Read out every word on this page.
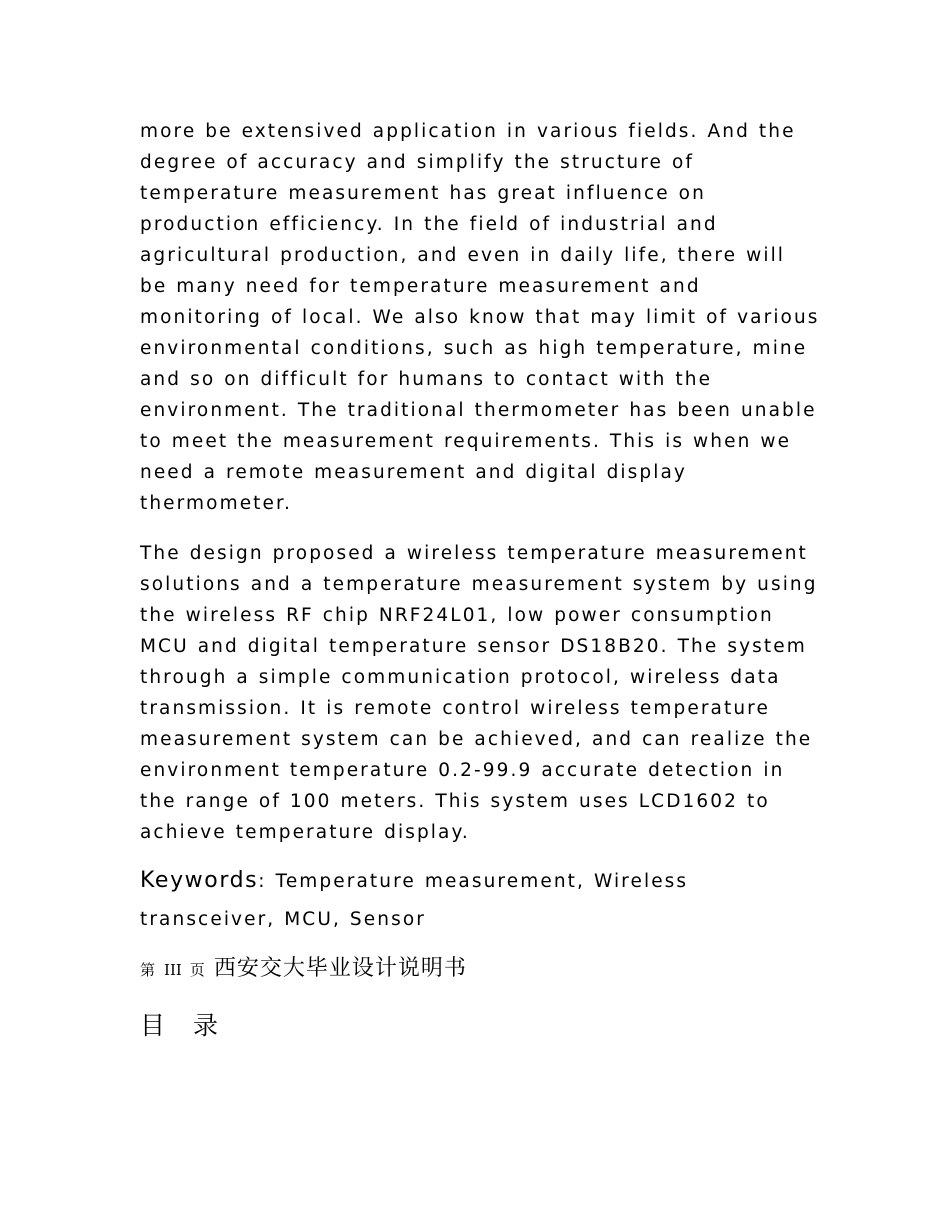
more be extensived application in various fields. And the degree of accuracy and simplify the structure of temperature measurement has great influence on production efficiency. In the field of industrial and agricultural production, and even in daily life, there will be many need for temperature measurement and monitoring of local. We also know that may limit of various environmental conditions, such as high temperature, mine and so on difficult for humans to contact with the environment. The traditional thermometer has been unable to meet the measurement requirements. This is when we need a remote measurement and digital display thermometer.

The design proposed a wireless temperature measurement solutions and a temperature measurement system by using the wireless RF chip NRF24L01, low power consumption MCU and digital temperature sensor DS18B20. The system through a simple communication protocol, wireless data transmission. It is remote control wireless temperature measurement system can be achieved, and can realize the environment temperature 0.2-99.9 accurate detection in the range of 100 meters. This system uses LCD1602 to achieve temperature display.

Keywords: Temperature measurement, Wireless transceiver, MCU, Sensor

第 III 页 西安交大毕业设计说明书
目 录
